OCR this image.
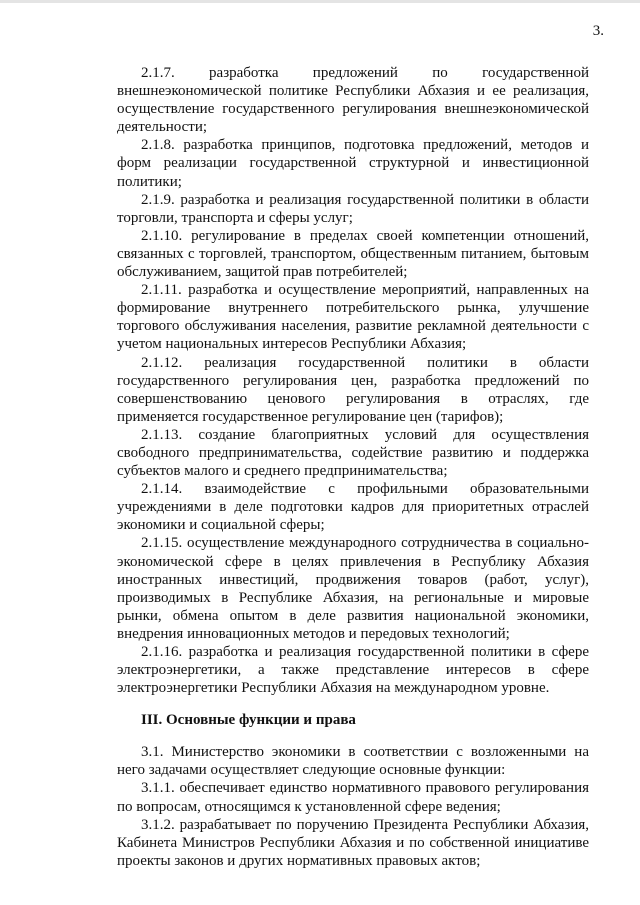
3.

2.1.7. разработка предложений по государственной внешнеэкономической политике Республики Абхазия и ее реализация, осуществление государственного регулирования внешнеэкономической деятельности;

2.1.8. разработка принципов, подготовка предложений, методов и форм реализации государственной структурной и инвестиционной политики;

2.1.9. разработка и реализация государственной политики в области торговли, транспорта и сферы услуг;

2.1.10. регулирование в пределах своей компетенции отношений, связанных с торговлей, транспортом, общественным питанием, бытовым обслуживанием, защитой прав потребителей;

2.1.11. разработка и осуществление мероприятий, направленных на формирование внутреннего потребительского рынка, улучшение торгового обслуживания населения, развитие рекламной деятельности с учетом национальных интересов Республики Абхазия;

2.1.12. реализация государственной политики в области государственного регулирования цен, разработка предложений по совершенствованию ценового регулирования в отраслях, где применяется государственное регулирование цен (тарифов);

2.1.13. создание благоприятных условий для осуществления свободного предпринимательства, содействие развитию и поддержка субъектов малого и среднего предпринимательства;

2.1.14. взаимодействие с профильными образовательными учреждениями в деле подготовки кадров для приоритетных отраслей экономики и социальной сферы;

2.1.15. осуществление международного сотрудничества в социально-экономической сфере в целях привлечения в Республику Абхазия иностранных инвестиций, продвижения товаров (работ, услуг), производимых в Республике Абхазия, на региональные и мировые рынки, обмена опытом в деле развития национальной экономики, внедрения инновационных методов и передовых технологий;

2.1.16. разработка и реализация государственной политики в сфере электроэнергетики, а также представление интересов в сфере электроэнергетики Республики Абхазия на международном уровне.

III. Основные функции и права

3.1. Министерство экономики в соответствии с возложенными на него задачами осуществляет следующие основные функции:

3.1.1. обеспечивает единство нормативного правового регулирования по вопросам, относящимся к установленной сфере ведения;

3.1.2. разрабатывает по поручению Президента Республики Абхазия, Кабинета Министров Республики Абхазия и по собственной инициативе проекты законов и других нормативных правовых актов;
